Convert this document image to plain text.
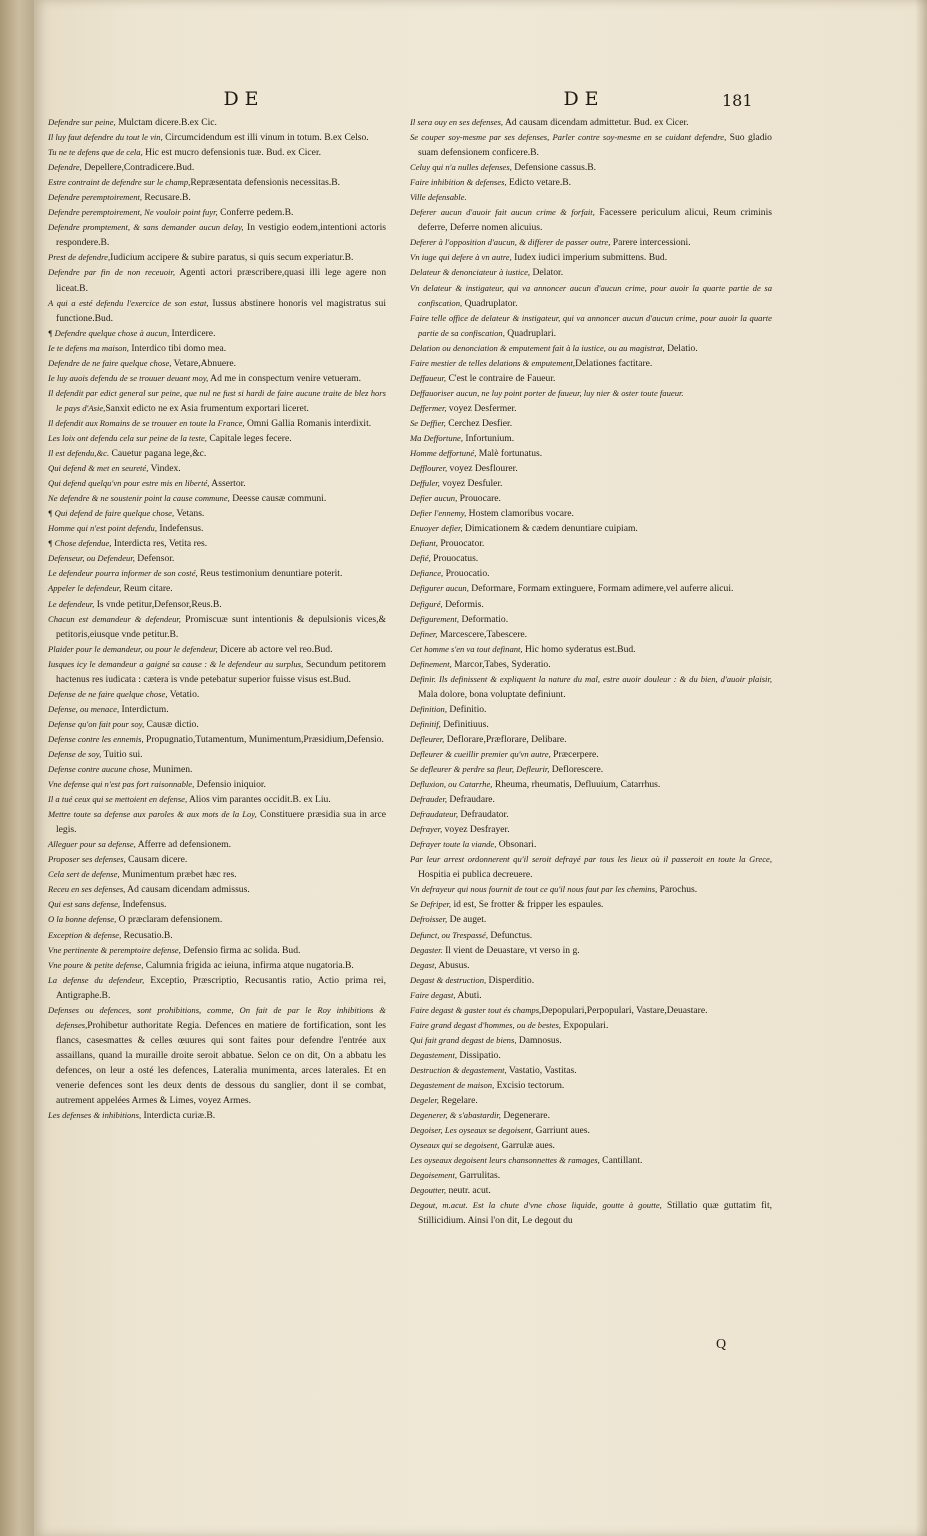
DE	DE	181

Defendre sur peine, Mulctam dicere.B.ex Cic.

Il luy faut defendre du tout le vin, Circumcidendum est illi vinum in totum. B.ex Celso.

Tu ne te defens que de cela, Hic est mucro defensionis tuæ. Bud. ex Cicer.

Defendre, Depellere,Contradicere.Bud.

Estre contraint de defendre sur le champ,Repræsentata defensionis necessitas.B.

Defendre peremptoirement, Recusare.B.

Defendre peremptoirement, Ne vouloir point fuyr, Conferre pedem.B.

Defendre promptement, & sans demander aucun delay, In vestigio eodem,intentioni actoris respondere.B.

Prest de defendre,Iudicium accipere & subire paratus, si quis secum experiatur.B.

Defendre par fin de non receuoir, Agenti actori præscribere,quasi illi lege agere non liceat.B.

A qui a esté defendu l'exercice de son estat, Iussus abstinere honoris vel magistratus sui functione.Bud.

¶ Defendre quelque chose à aucun, Interdicere.

Ie te defens ma maison, Interdico tibi domo mea.

Defendre de ne faire quelque chose, Vetare,Abnuere.

Ie luy auois defendu de se trouuer deuant moy, Ad me in conspectum venire vetueram.

Il defendit par edict general sur peine, que nul ne fust si hardi de faire aucune traite de blez hors le pays d'Asie,Sanxit edicto ne ex Asia frumentum exportari liceret.

Il defendit aux Romains de se trouuer en toute la France, Omni Gallia Romanis interdixit.

Les loix ont defendu cela sur peine de la teste, Capitale leges fecere.

Il est defendu,&c. Cauetur pagana lege,&c.

Qui defend & met en seureté, Vindex.

Qui defend quelqu'vn pour estre mis en liberté, Assertor.

Ne defendre & ne soustenir point la cause commune, Deesse causæ communi.

¶ Qui defend de faire quelque chose, Vetans.

Homme qui n'est point defendu, Indefensus.

¶ Chose defendue, Interdicta res, Vetita res.

Defenseur, ou Defendeur, Defensor.

Le defendeur pourra informer de son costé, Reus testimonium denuntiare poterit.

Appeler le defendeur, Reum citare.

Le defendeur, Is vnde petitur,Defensor,Reus.B.

Chacun est demandeur & defendeur, Promiscuæ sunt intentionis & depulsionis vices,& petitoris,eiusque vnde petitur.B.

Plaider pour le demandeur, ou pour le defendeur, Dicere ab actore vel reo.Bud.

Iusques icy le demandeur a gaigné sa cause : & le defendeur au surplus, Secundum petitorem hactenus res iudicata : cætera is vnde petebatur superior fuisse visus est.Bud.

Defense de ne faire quelque chose, Vetatio.

Defense, ou menace, Interdictum.

Defense qu'on fait pour soy, Causæ dictio.

Defense contre les ennemis, Propugnatio,Tutamentum, Munimentum,Præsidium,Defensio.

Defense de soy, Tuitio sui.

Defense contre aucune chose, Munimen.

Vne defense qui n'est pas fort raisonnable, Defensio iniquior.

Il a tué ceux qui se mettoient en defense, Alios vim parantes occidit.B. ex Liu.

Mettre toute sa defense aux paroles & aux mots de la Loy, Constituere præsidia sua in arce legis.

Alleguer pour sa defense, Afferre ad defensionem.

Proposer ses defenses, Causam dicere.

Cela sert de defense, Munimentum præbet hæc res.

Receu en ses defenses, Ad causam dicendam admissus.

Qui est sans defense, Indefensus.

O la bonne defense, O præclaram defensionem.

Exception & defense, Recusatio.B.

Vne pertinente & peremptoire defense, Defensio firma ac solida. Bud.

Vne poure & petite defense, Calumnia frigida ac ieiuna, infirma atque nugatoria.B.

La defense du defendeur, Exceptio, Præscriptio, Recusantis ratio, Actio prima rei, Antigraphe.B.

Defenses ou defences, sont prohibitions, comme, On fait de par le Roy inhibitions & defenses,Prohibetur authoritate Regia. Defences en matiere de fortification, sont les flancs, casesmattes & celles œuures qui sont faites pour defendre l'entrée aux assaillans, quand la muraille droite seroit abbatue. Selon ce on dit, On a abbatu les defences, on leur a osté les defences, Lateralia munimenta, arces laterales. Et en venerie defences sont les deux dents de dessous du sanglier, dont il se combat, autrement appelées Armes & Limes, voyez Armes.

Les defenses & inhibitions, Interdicta curiæ.B.

Il sera ouy en ses defenses, Ad causam dicendam admittetur. Bud. ex Cicer.

Se couper soy-mesme par ses defenses, Parler contre soy-mesme en se cuidant defendre, Suo gladio suam defensionem conficere.B.

Celuy qui n'a nulles defenses, Defensione cassus.B.

Faire inhibition & defenses, Edicto vetare.B.

Ville defensable.

Deferer aucun d'auoir fait aucun crime & forfait, Facessere periculum alicui, Reum criminis deferre, Deferre nomen alicuius.

Deferer à l'opposition d'aucun, & differer de passer outre, Parere intercessioni.

Vn iuge qui defere à vn autre, Iudex iudici imperium submittens. Bud.

Delateur & denonciateur à iustice, Delator.

Vn delateur & instigateur, qui va annoncer aucun d'aucun crime, pour auoir la quarte partie de sa confiscation, Quadruplator.

Faire telle office de delateur & instigateur, qui va annoncer aucun d'aucun crime, pour auoir la quarte partie de sa confiscation, Quadruplari.

Delation ou denonciation & emputement fait à la iustice, ou au magistrat, Delatio.

Faire mestier de telles delations & emputement,Delationes factitare.

Deffaueur, C'est le contraire de Faueur.

Deffauoriser aucun, ne luy point porter de faueur, luy nier & oster toute faueur.

Deffermer, voyez Desfermer.

Se Deffier, Cerchez Desfier.

Ma Deffortune, Infortunium.

Homme deffortuné, Malè fortunatus.

Defflourer, voyez Desflourer.

Deffuler, voyez Desfuler.

Defier aucun, Prouocare.

Defier l'ennemy, Hostem clamoribus vocare.

Enuoyer defier, Dimicationem & cædem denuntiare cuipiam.

Defiant, Prouocator.

Defié, Prouocatus.

Defiance, Prouocatio.

Defigurer aucun, Deformare, Formam extinguere, Formam adimere,vel auferre alicui.

Defiguré, Deformis.

Defigurement, Deformatio.

Definer, Marcescere,Tabescere.

Cet homme s'en va tout definant, Hic homo syderatus est.Bud.

Definement, Marcor,Tabes, Syderatio.

Definir. Ils definissent & expliquent la nature du mal, estre auoir douleur : & du bien, d'auoir plaisir, Mala dolore, bona voluptate definiunt.

Definition, Definitio.

Definitif, Definitiuus.

Defleurer, Deflorare,Præflorare, Delibare.

Defleurer & cueillir premier qu'vn autre, Præcerpere.

Se defleurer & perdre sa fleur, Defleurir, Deflorescere.

Defluxion, ou Catarrhe, Rheuma, rheumatis, Defluuium, Catarrhus.

Defrauder, Defraudare.

Defraudateur, Defraudator.

Defrayer, voyez Desfrayer.

Defrayer toute la viande, Obsonari.

Par leur arrest ordonnerent qu'il seroit defrayé par tous les lieux où il passeroit en toute la Grece, Hospitia ei publica decreuere.

Vn defrayeur qui nous fournit de tout ce qu'il nous faut par les chemins, Parochus.

Se Defriper, id est, Se frotter & fripper les espaules.

Defroisser, De auget.

Defunct, ou Trespassé, Defunctus.

Degaster. Il vient de Deuastare, vt verso in g.

Degast, Abusus.

Degast & destruction, Disperditio.

Faire degast, Abuti.

Faire degast & gaster tout és champs,Depopulari,Perpopulari, Vastare,Deuastare.

Faire grand degast d'hommes, ou de bestes, Expopulari.

Qui fait grand degast de biens, Damnosus.

Degastement, Dissipatio.

Destruction & degastement, Vastatio, Vastitas.

Degastement de maison, Excisio tectorum.

Degeler, Regelare.

Degenerer, & s'abastardir, Degenerare.

Degoiser, Les oyseaux se degoisent, Garriunt aues.

Oyseaux qui se degoisent, Garrulæ aues.

Les oyseaux degoisent leurs chansonnettes & ramages, Cantillant.

Degoisement, Garrulitas.

Degoutter, neutr. acut.

Degout, m.acut. Est la chute d'vne chose liquide, goutte à goutte, Stillatio quæ guttatim fit, Stillicidium. Ainsi l'on dit, Le degout du

Q
